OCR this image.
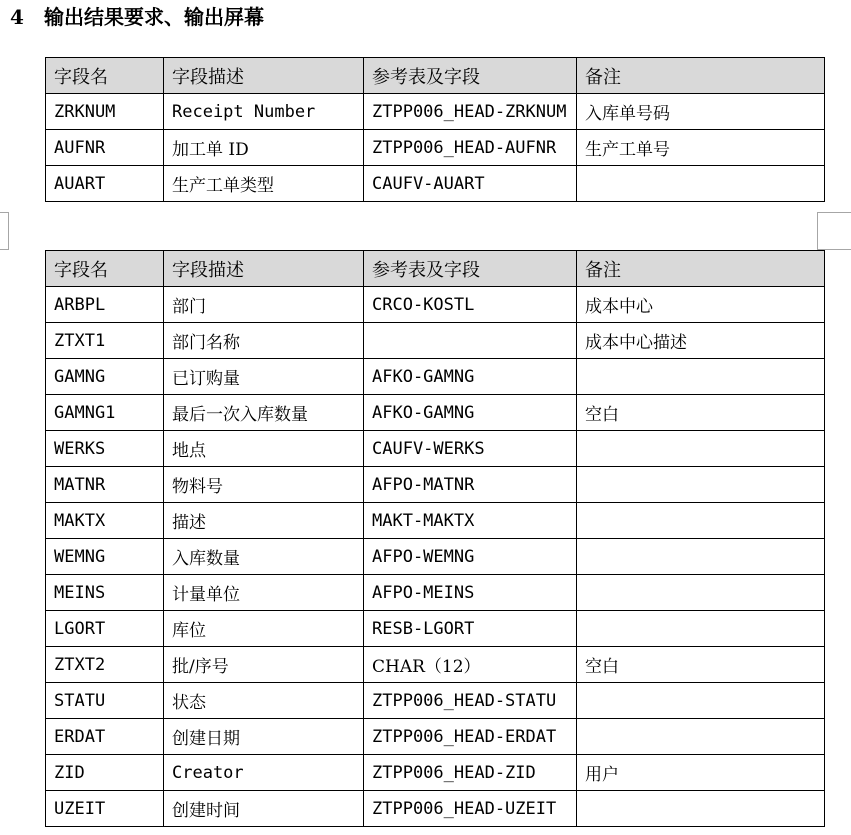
4 输出结果要求、输出屏幕
字段名	字段描述	参考表及字段	备注
ZRKNUM	Receipt Number	ZTPP006_HEAD-ZRKNUM	入库单号码
AUFNR	加工单 ID	ZTPP006_HEAD-AUFNR	生产工单号
AUART	生产工单类型	CAUFV-AUART	
字段名	字段描述	参考表及字段	备注
ARBPL	部门	CRCO-KOSTL	成本中心
ZTXT1	部门名称		成本中心描述
GAMNG	已订购量	AFKO-GAMNG	
GAMNG1	最后一次入库数量	AFKO-GAMNG	空白
WERKS	地点	CAUFV-WERKS	
MATNR	物料号	AFPO-MATNR	
MAKTX	描述	MAKT-MAKTX	
WEMNG	入库数量	AFPO-WEMNG	
MEINS	计量单位	AFPO-MEINS	
LGORT	库位	RESB-LGORT	
ZTXT2	批/序号	CHAR（12）	空白
STATU	状态	ZTPP006_HEAD-STATU	
ERDAT	创建日期	ZTPP006_HEAD-ERDAT	
ZID	Creator	ZTPP006_HEAD-ZID	用户
UZEIT	创建时间	ZTPP006_HEAD-UZEIT	
